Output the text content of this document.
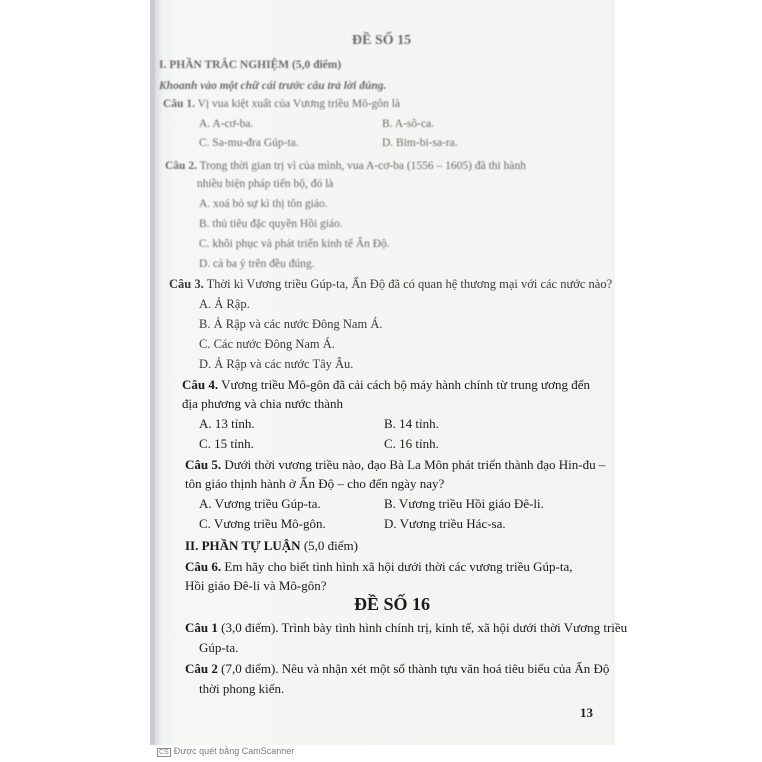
ĐỀ SỐ 15
I. PHẦN TRẮC NGHIỆM (5,0 điểm)
Khoanh vào một chữ cái trước câu trả lời đúng.
Câu 1. Vị vua kiệt xuất của Vương triều Mô-gôn là
A. A-cơ-ba.	B. A-sô-ca.
C. Sa-mu-đra Gúp-ta.	D. Bim-bi-sa-ra.
Câu 2. Trong thời gian trị vì của mình, vua A-cơ-ba (1556 – 1605) đã thi hành
nhiều biện pháp tiến bộ, đó là
A. xoá bỏ sự kì thị tôn giáo.
B. thủ tiêu đặc quyền Hồi giáo.
C. khôi phục và phát triển kinh tế Ấn Độ.
D. cả ba ý trên đều đúng.
Câu 3. Thời kì Vương triều Gúp-ta, Ấn Độ đã có quan hệ thương mại với các nước nào?
A. Ả Rập.
B. Ả Rập và các nước Đông Nam Á.
C. Các nước Đông Nam Á.
D. Ả Rập và các nước Tây Âu.
Câu 4. Vương triều Mô-gôn đã cải cách bộ máy hành chính từ trung ương đến
địa phương và chia nước thành
A. 13 tỉnh.	B. 14 tỉnh.
C. 15 tỉnh.	C. 16 tỉnh.
Câu 5. Dưới thời vương triều nào, đạo Bà La Môn phát triển thành đạo Hin-đu –
tôn giáo thịnh hành ở Ấn Độ – cho đến ngày nay?
A. Vương triều Gúp-ta.	B. Vương triều Hồi giáo Đê-li.
C. Vương triều Mô-gôn.	D. Vương triều Hác-sa.
II. PHẦN TỰ LUẬN (5,0 điểm)
Câu 6. Em hãy cho biết tình hình xã hội dưới thời các vương triều Gúp-ta,
Hồi giáo Đê-li và Mô-gôn?
ĐỀ SỐ 16
Câu 1 (3,0 điểm). Trình bày tình hình chính trị, kinh tế, xã hội dưới thời Vương triều
Gúp-ta.
Câu 2 (7,0 điểm). Nêu và nhận xét một số thành tựu văn hoá tiêu biểu của Ấn Độ
thời phong kiến.
13
CS Được quét bằng CamScanner
